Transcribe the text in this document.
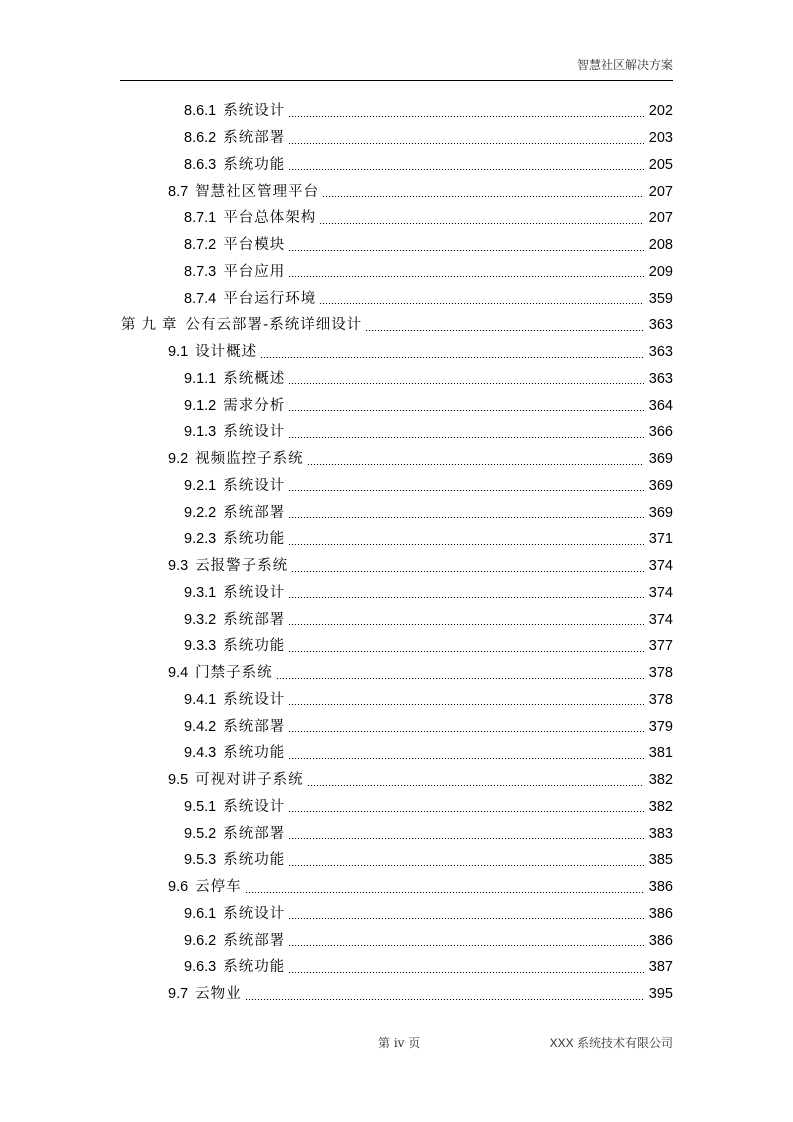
智慧社区解决方案
8.6.1 系统设计	202
8.6.2 系统部署	203
8.6.3 系统功能	205
8.7 智慧社区管理平台	207
8.7.1 平台总体架构	207
8.7.2 平台模块	208
8.7.3 平台应用	209
8.7.4 平台运行环境	359
第九章 公有云部署-系统详细设计	363
9.1 设计概述	363
9.1.1 系统概述	363
9.1.2 需求分析	364
9.1.3 系统设计	366
9.2 视频监控子系统	369
9.2.1 系统设计	369
9.2.2 系统部署	369
9.2.3 系统功能	371
9.3 云报警子系统	374
9.3.1 系统设计	374
9.3.2 系统部署	374
9.3.3 系统功能	377
9.4 门禁子系统	378
9.4.1 系统设计	378
9.4.2 系统部署	379
9.4.3 系统功能	381
9.5 可视对讲子系统	382
9.5.1 系统设计	382
9.5.2 系统部署	383
9.5.3 系统功能	385
9.6 云停车	386
9.6.1 系统设计	386
9.6.2 系统部署	386
9.6.3 系统功能	387
9.7 云物业	395
第 iv 页	XXX 系统技术有限公司
